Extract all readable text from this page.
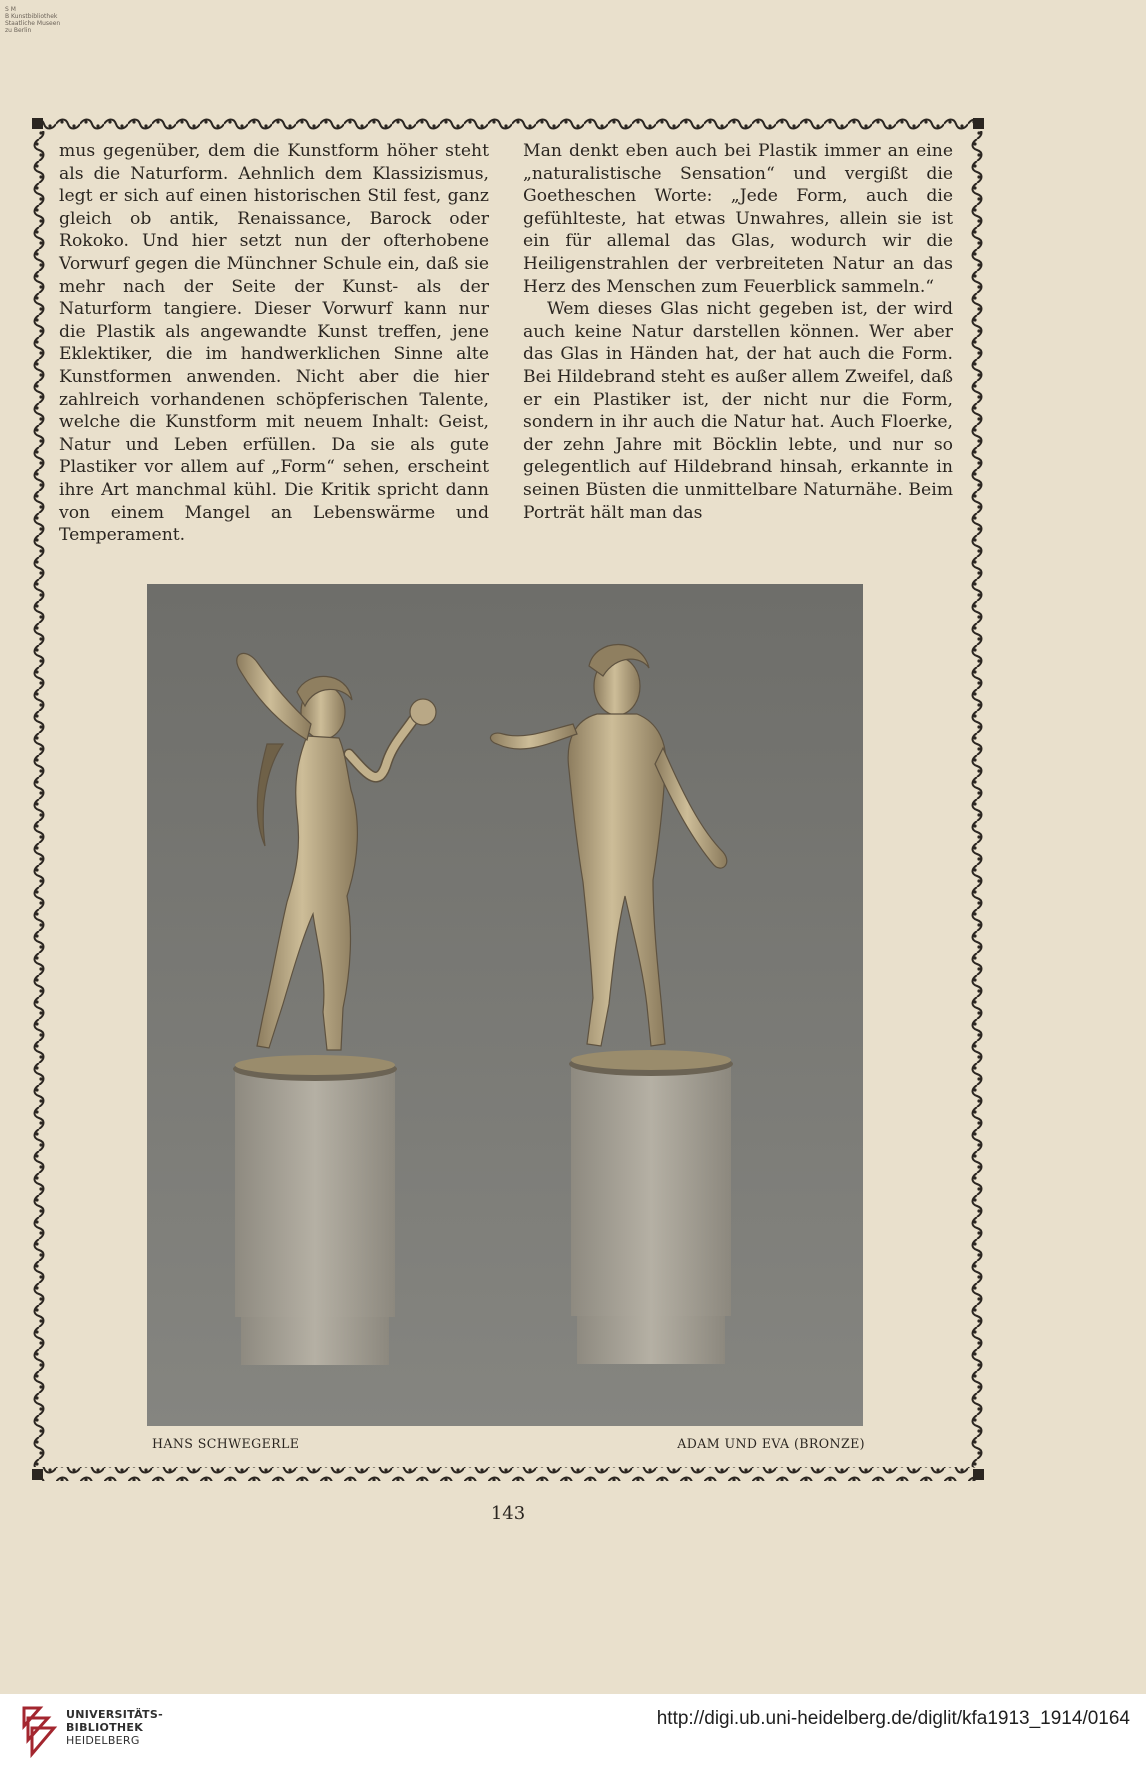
S M
B Kunstbibliothek
Staatliche Museen
zu Berlin

mus gegenüber, dem die Kunstform höher steht als die Naturform. Aehnlich dem Klassizismus, legt er sich auf einen historischen Stil fest, ganz gleich ob antik, Renaissance, Barock oder Rokoko. Und hier setzt nun der ofterhobene Vorwurf gegen die Münchner Schule ein, daß sie mehr nach der Seite der Kunst- als der Naturform tangiere. Dieser Vorwurf kann nur die Plastik als angewandte Kunst treffen, jene Eklektiker, die im handwerklichen Sinne alte Kunstformen anwenden. Nicht aber die hier zahlreich vorhandenen schöpferischen Talente, welche die Kunstform mit neuem Inhalt: Geist, Natur und Leben erfüllen. Da sie als gute Plastiker vor allem auf „Form“ sehen, erscheint ihre Art manchmal kühl. Die Kritik spricht dann von einem Mangel an Lebenswärme und Temperament.

Man denkt eben auch bei Plastik immer an eine „naturalistische Sensation“ und vergißt die Goetheschen Worte: „Jede Form, auch die gefühlteste, hat etwas Unwahres, allein sie ist ein für allemal das Glas, wodurch wir die Heiligenstrahlen der verbreiteten Natur an das Herz des Menschen zum Feuerblick sammeln.“

Wem dieses Glas nicht gegeben ist, der wird auch keine Natur darstellen können. Wer aber das Glas in Händen hat, der hat auch die Form. Bei Hildebrand steht es außer allem Zweifel, daß er ein Plastiker ist, der nicht nur die Form, sondern in ihr auch die Natur hat. Auch Floerke, der zehn Jahre mit Böcklin lebte, und nur so gelegentlich auf Hildebrand hinsah, erkannte in seinen Büsten die unmittelbare Naturnähe. Beim Porträt hält man das

HANS SCHWEGERLE	ADAM UND EVA (BRONZE)
143
UNIVERSITÄTS-
BIBLIOTHEK
HEIDELBERG
http://digi.ub.uni-heidelberg.de/diglit/kfa1913_1914/0164
